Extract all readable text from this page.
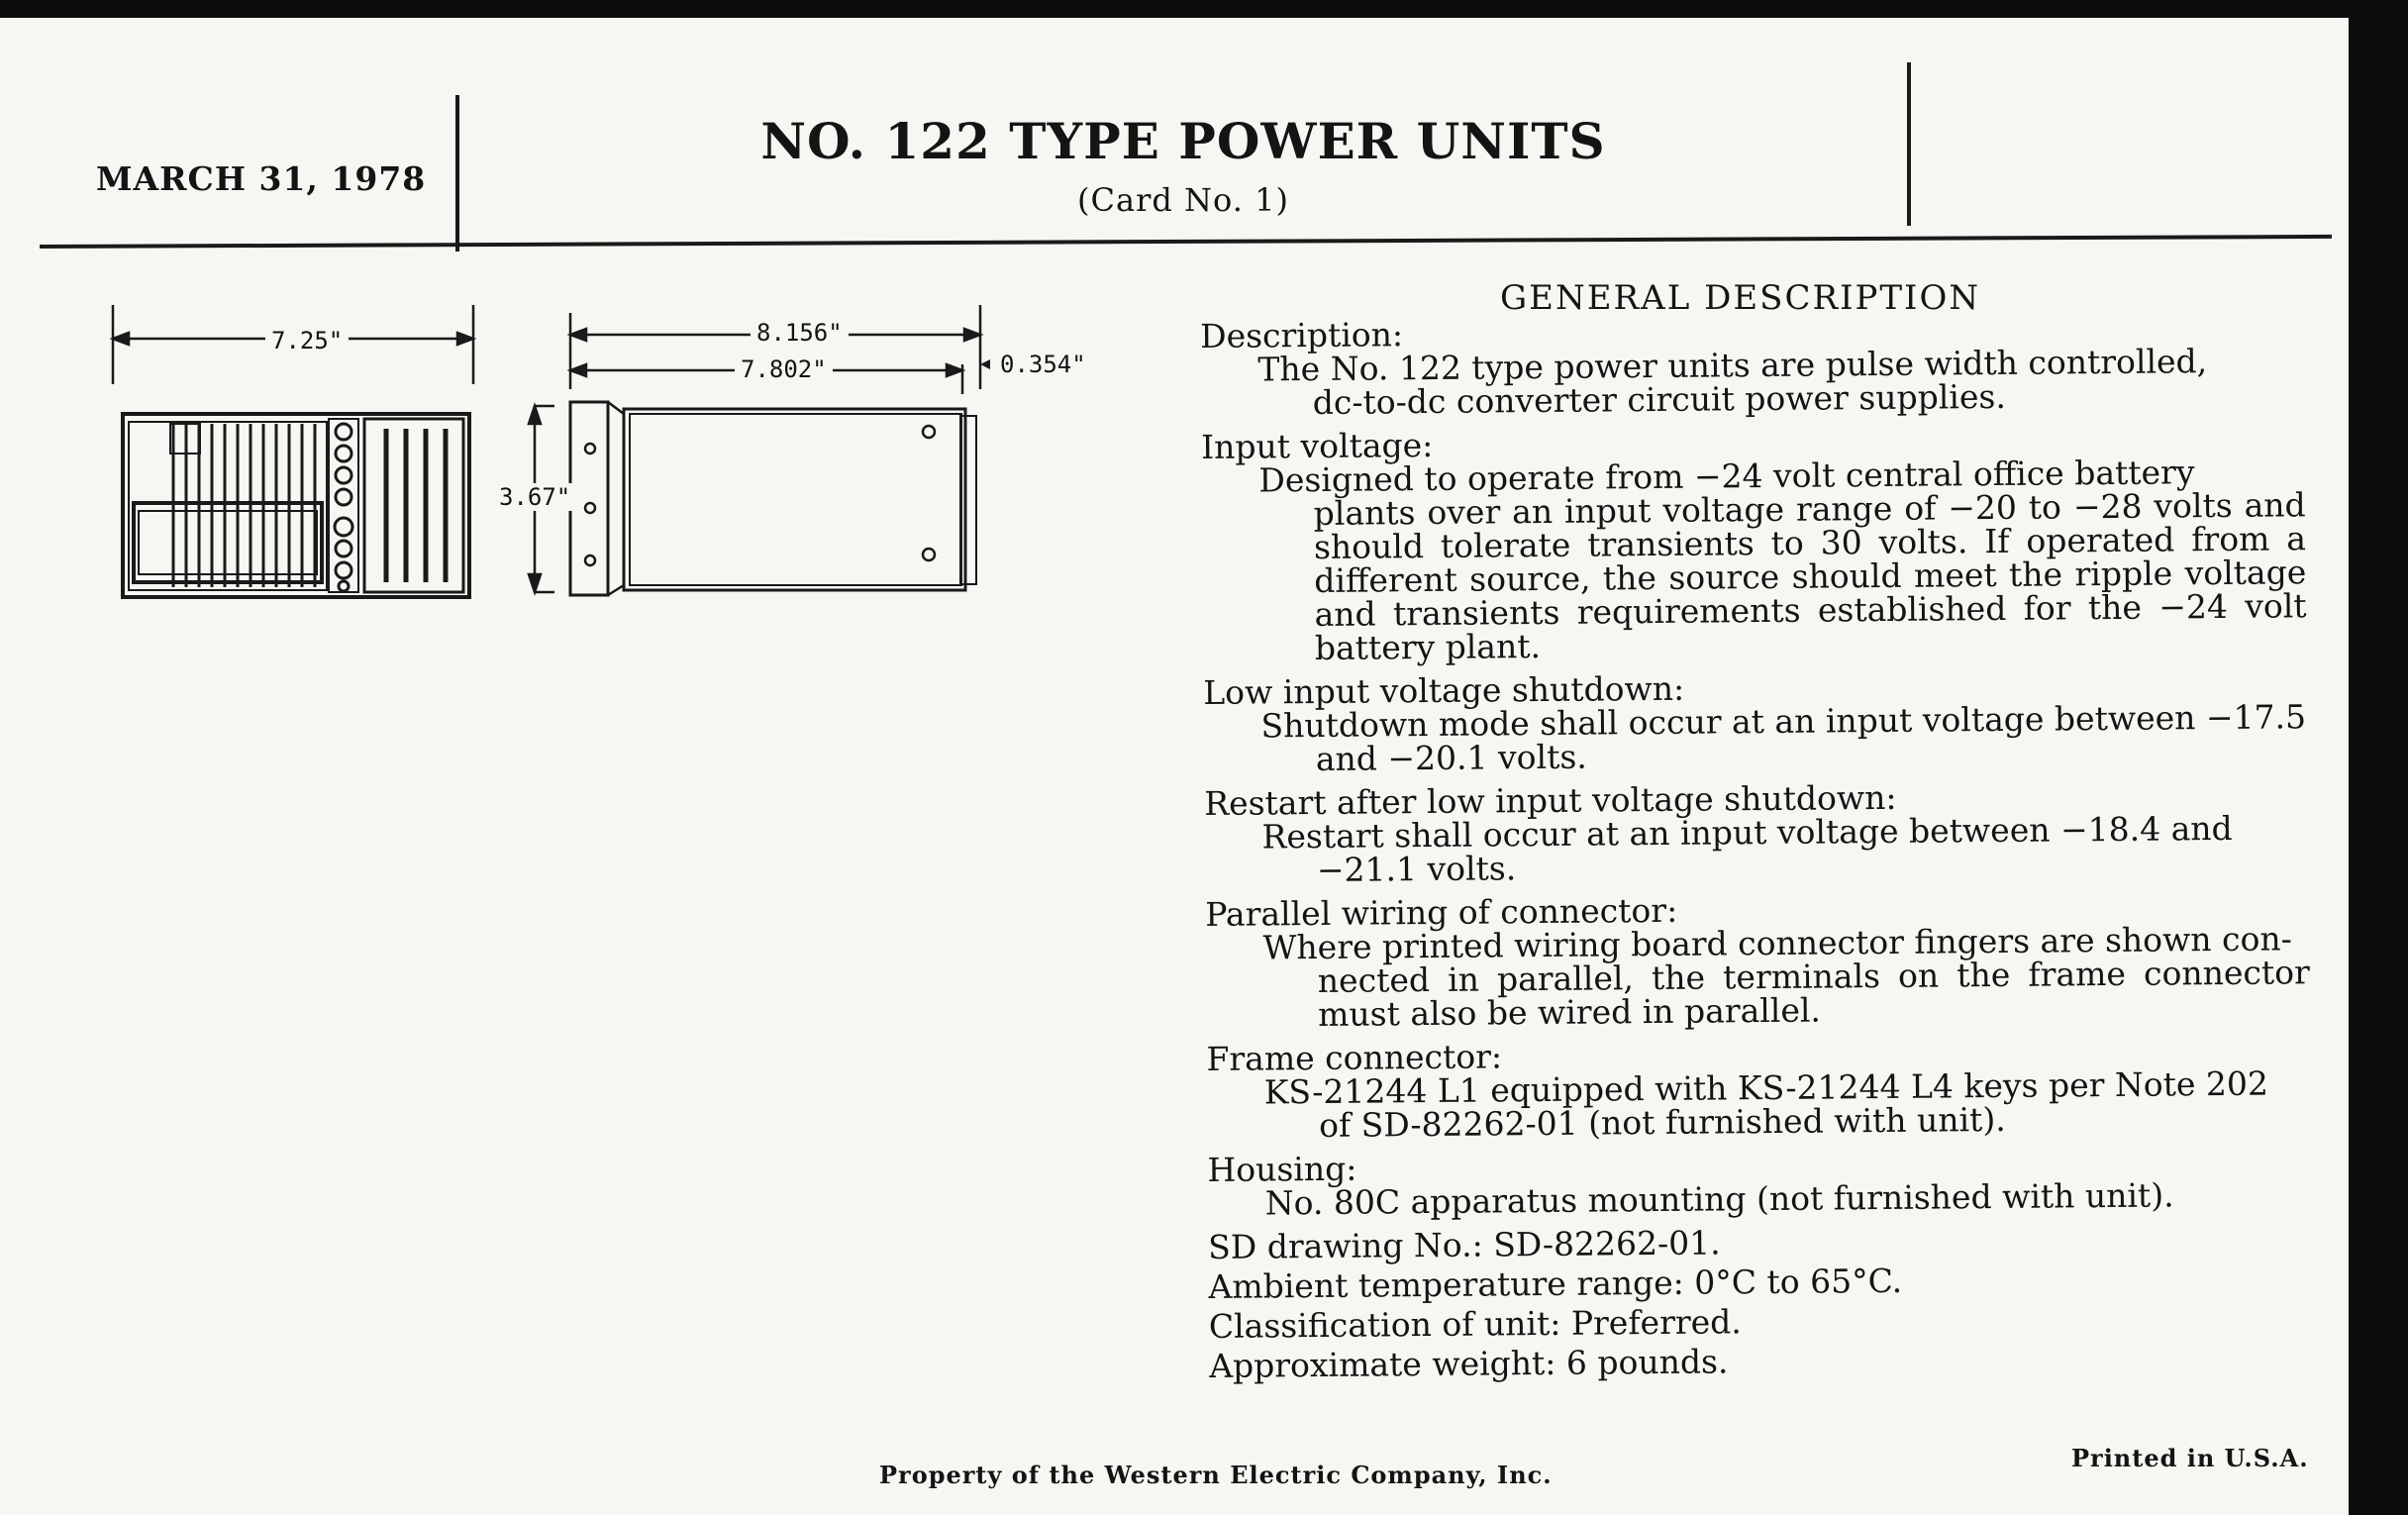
MARCH 31, 1978
NO. 122 TYPE POWER UNITS
(Card No. 1)
7.25"	8.156"
7.802"	0.354"
3.67"
GENERAL DESCRIPTION
Description:
The No. 122 type power units are pulse width controlled,
dc-to-dc converter circuit power supplies.
Input voltage:
Designed to operate from −24 volt central office battery
plants over an input voltage range of −20 to −28 volts and should tolerate transients to 30 volts. If operated from a different source, the source should meet the ripple voltage and transients requirements established for the −24 volt battery plant.
Low input voltage shutdown:
Shutdown mode shall occur at an input voltage between −17.5
and −20.1 volts.
Restart after low input voltage shutdown:
Restart shall occur at an input voltage between −18.4 and
−21.1 volts.
Parallel wiring of connector:
Where printed wiring board connector fingers are shown con-
nected in parallel, the terminals on the frame connector must also be wired in parallel.
Frame connector:
KS-21244 L1 equipped with KS-21244 L4 keys per Note 202
of SD-82262-01 (not furnished with unit).
Housing:
No. 80C apparatus mounting (not furnished with unit).
SD drawing No.: SD-82262-01.
Ambient temperature range: 0°C to 65°C.
Classification of unit: Preferred.
Approximate weight: 6 pounds.
Property of the Western Electric Company, Inc.
Printed in U.S.A.
